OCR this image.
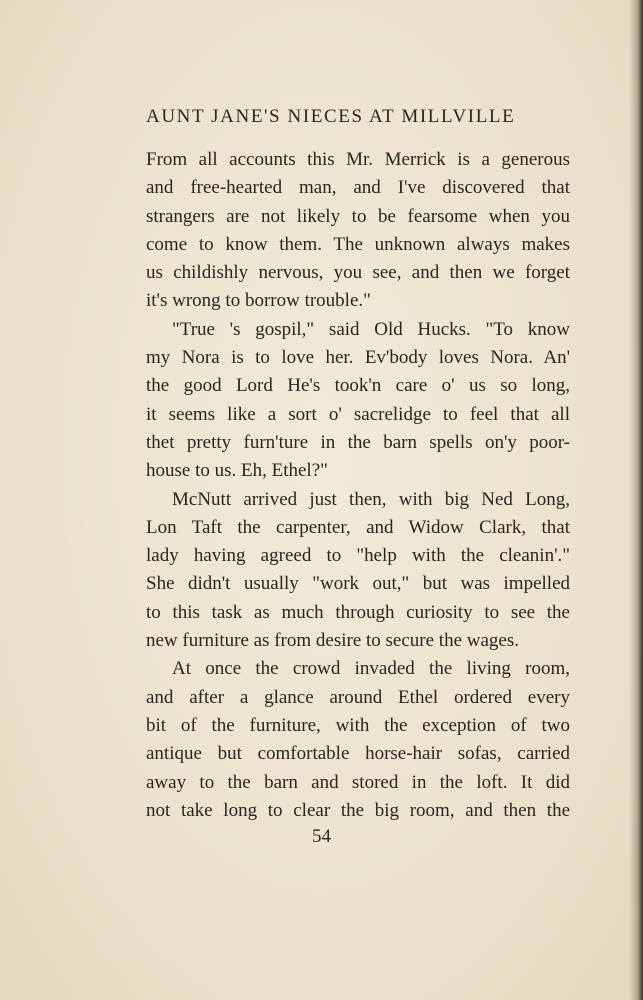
AUNT JANE'S NIECES AT MILLVILLE
From all accounts this Mr. Merrick is a generous
and free-hearted man, and I've discovered that
strangers are not likely to be fearsome when you
come to know them. The unknown always makes
us childishly nervous, you see, and then we forget
it's wrong to borrow trouble."
"True 's gospil," said Old Hucks. "To know
my Nora is to love her. Ev'body loves Nora. An'
the good Lord He's took'n care o' us so long,
it seems like a sort o' sacrelidge to feel that all
thet pretty furn'ture in the barn spells on'y poor-
house to us. Eh, Ethel?"
McNutt arrived just then, with big Ned Long,
Lon Taft the carpenter, and Widow Clark, that
lady having agreed to "help with the cleanin'."
She didn't usually "work out," but was impelled
to this task as much through curiosity to see the
new furniture as from desire to secure the wages.
At once the crowd invaded the living room,
and after a glance around Ethel ordered every
bit of the furniture, with the exception of two
antique but comfortable horse-hair sofas, carried
away to the barn and stored in the loft. It did
not take long to clear the big room, and then the
54
